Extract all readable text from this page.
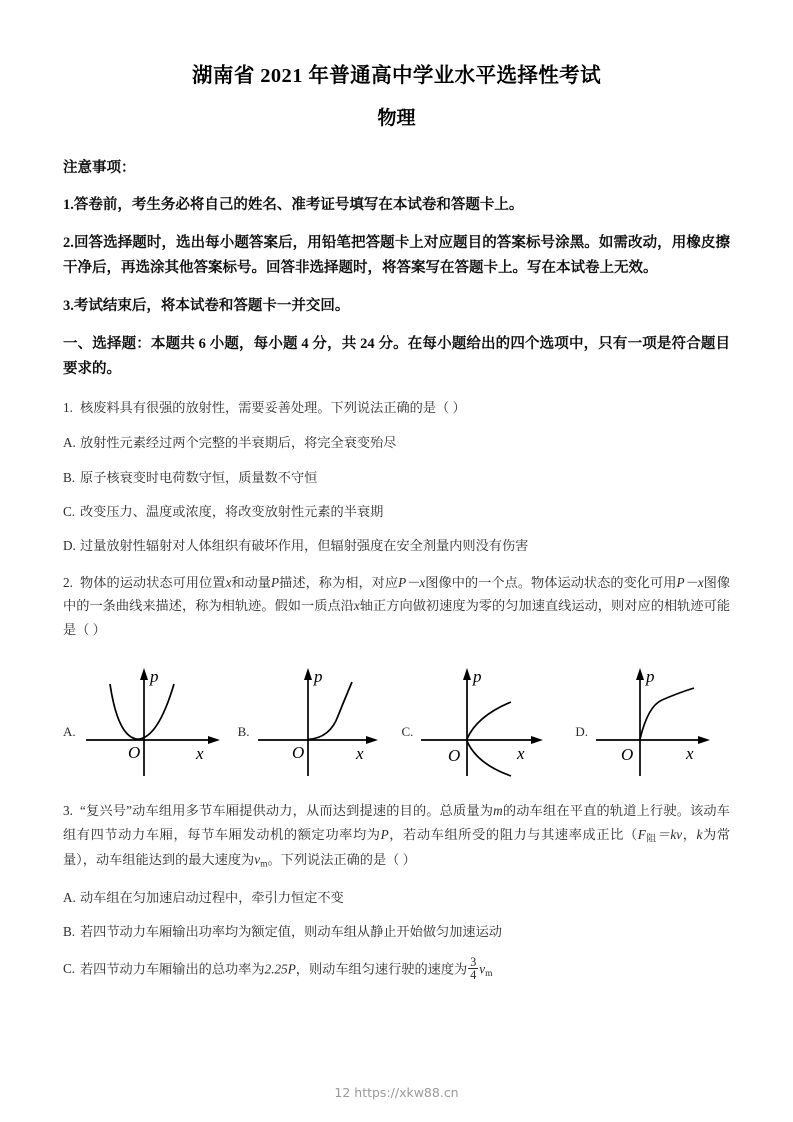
湖南省 2021 年普通高中学业水平选择性考试
物理

注意事项：

1.答卷前，考生务必将自己的姓名、准考证号填写在本试卷和答题卡上。

2.回答选择题时，选出每小题答案后，用铅笔把答题卡上对应题目的答案标号涂黑。如需改动，用橡皮擦干净后，再选涂其他答案标号。回答非选择题时，将答案写在答题卡上。写在本试卷上无效。

3.考试结束后，将本试卷和答题卡一并交回。

一、选择题：本题共 6 小题，每小题 4 分，共 24 分。在每小题给出的四个选项中，只有一项是符合题目要求的。

1. 核废料具有很强的放射性，需要妥善处理。下列说法正确的是（ ）

A. 放射性元素经过两个完整的半衰期后，将完全衰变殆尽

B. 原子核衰变时电荷数守恒，质量数不守恒

C. 改变压力、温度或浓度，将改变放射性元素的半衰期

D. 过量放射性辐射对人体组织有破坏作用，但辐射强度在安全剂量内则没有伤害

2. 物体的运动状态可用位置x和动量P描述，称为相，对应P－x图像中的一个点。物体运动状态的变化可用P－x图像中的一条曲线来描述，称为相轨迹。假如一质点沿x轴正方向做初速度为零的匀加速直线运动，则对应的相轨迹可能是（ ）

A.
O	x
p
B.
O	x
p
C.
O	x
p
D.
O	x
p

3. “复兴号”动车组用多节车厢提供动力，从而达到提速的目的。总质量为m的动车组在平直的轨道上行驶。该动车组有四节动力车厢，每节车厢发动机的额定功率均为P，若动车组所受的阻力与其速率成正比（$F_阻=kv$，k为常量），动车组能达到的最大速度为$v_m$。下列说法正确的是（ ）

A. 动车组在匀加速启动过程中，牵引力恒定不变

B. 若四节动力车厢输出功率均为额定值，则动车组从静止开始做匀加速运动

C. 若四节动力车厢输出的总功率为2.25P，则动车组匀速行驶的速度为 $\frac{3}{4} v_m$

12 https://xkw88.cn
